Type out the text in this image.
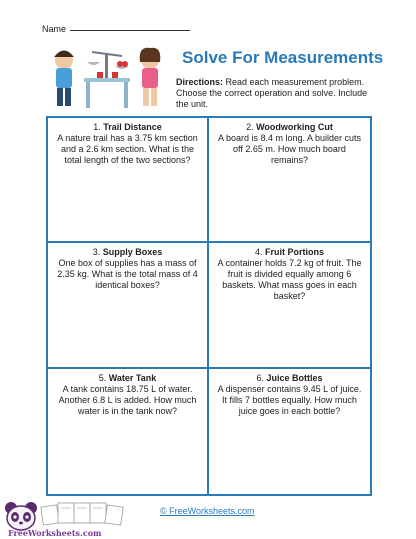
Name
Solve For Measurements
Directions: Read each measurement problem. Choose the correct operation and solve. Include the unit.
1. Trail Distance
A nature trail has a 3.75 km section and a 2.6 km section. What is the total length of the two sections?
2. Woodworking Cut
A board is 8.4 m long. A builder cuts off 2.65 m. How much board remains?
3. Supply Boxes
One box of supplies has a mass of 2.35 kg. What is the total mass of 4 identical boxes?
4. Fruit Portions
A container holds 7.2 kg of fruit. The fruit is divided equally among 6 baskets. What mass goes in each basket?
5. Water Tank
A tank contains 18.75 L of water. Another 6.8 L is added. How much water is in the tank now?
6. Juice Bottles
A dispenser contains 9.45 L of juice. It fills 7 bottles equally. How much juice goes in each bottle?
FreeWorksheets.com
© FreeWorksheets.com
